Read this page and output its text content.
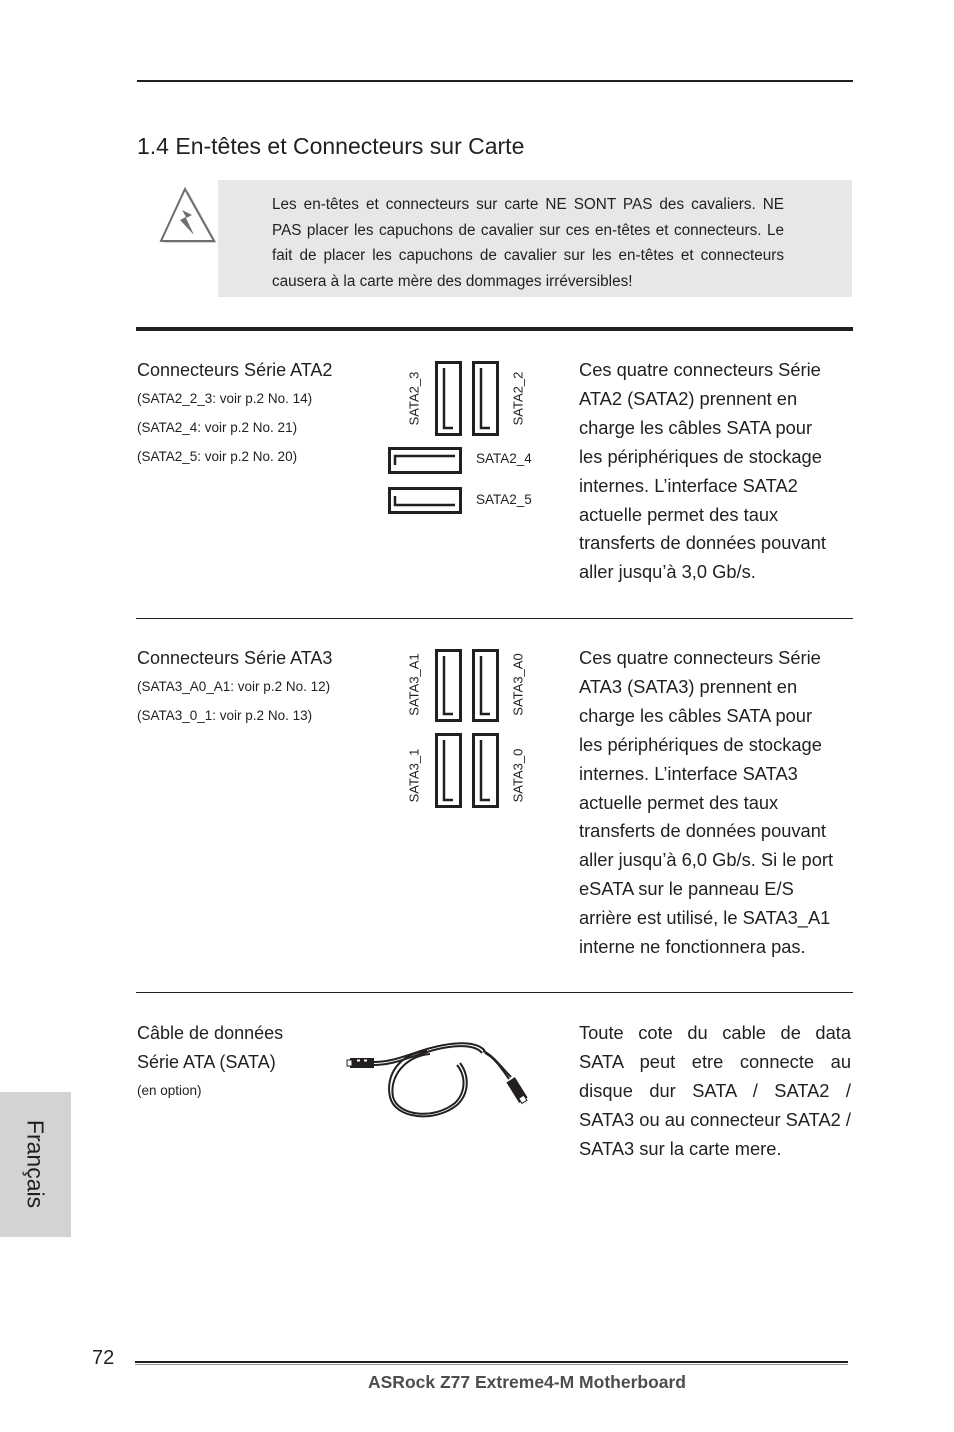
1.4 En-têtes et Connecteurs sur Carte
Les en-têtes et connecteurs sur carte NE SONT PAS des cavaliers. NE PAS placer les capuchons de cavalier sur ces en-têtes et connecteurs. Le fait de placer les capuchons de cavalier sur les en-têtes et connecteurs causera à la carte mère des dommages irréversibles!
Connecteurs Série ATA2
(SATA2_2_3: voir p.2 No. 14)
(SATA2_4: voir p.2 No. 21)
(SATA2_5: voir p.2 No. 20)
SATA2_3	SATA2_2
SATA2_4
SATA2_5
Ces quatre connecteurs Série
ATA2 (SATA2) prennent en
charge les câbles SATA pour
les périphériques de stockage
internes. L’interface SATA2
actuelle permet des taux
transferts de données pouvant
aller jusqu’à 3,0 Gb/s.
Connecteurs Série ATA3
(SATA3_A0_A1: voir p.2 No. 12)
(SATA3_0_1: voir p.2 No. 13)	SATA3_A1	SATA3_A0
SATA3_1	SATA3_0
Ces quatre connecteurs Série
ATA3 (SATA3) prennent en
charge les câbles SATA pour
les périphériques de stockage
internes. L’interface SATA3
actuelle permet des taux
transferts de données pouvant
aller jusqu’à 6,0 Gb/s. Si le port
eSATA sur le panneau E/S
arrière est utilisé, le SATA3_A1
interne ne fonctionnera pas.
Câble de données
Série ATA (SATA)
(en option)
Toute cote du cable de data SATA peut etre connecte au disque dur SATA / SATA2 / SATA3 ou au connecteur SATA2 / SATA3 sur la carte mere.
Français
72
ASRock Z77 Extreme4-M Motherboard
